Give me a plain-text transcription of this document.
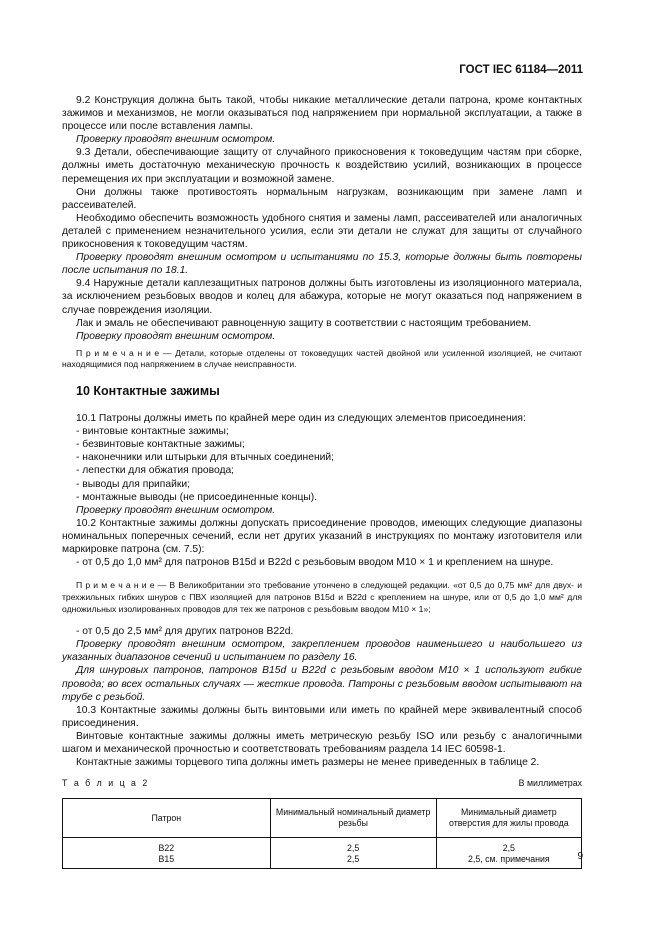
ГОСТ IEC 61184—2011

9.2 Конструкция должна быть такой, чтобы никакие металлические детали патрона, кроме контактных зажимов и механизмов, не могли оказываться под напряжением при нормальной эксплуатации, а также в процессе или после вставления лампы.

Проверку проводят внешним осмотром.

9.3 Детали, обеспечивающие защиту от случайного прикосновения к токоведущим частям при сборке, должны иметь достаточную механическую прочность к воздействию усилий, возникающих в процессе перемещения их при эксплуатации и возможной замене.

Они должны также противостоять нормальным нагрузкам, возникающим при замене ламп и рассеивателей.

Необходимо обеспечить возможность удобного снятия и замены ламп, рассеивателей или аналогичных деталей с применением незначительного усилия, если эти детали не служат для защиты от случайного прикосновения к токоведущим частям.

Проверку проводят внешним осмотром и испытаниями по 15.3, которые должны быть повторены после испытания по 18.1.

9.4 Наружные детали каплезащитных патронов должны быть изготовлены из изоляционного материала, за исключением резьбовых вводов и колец для абажура, которые не могут оказаться под напряжением в случае повреждения изоляции.

Лак и эмаль не обеспечивают равноценную защиту в соответствии с настоящим требованием.

Проверку проводят внешним осмотром.

П р и м е ч а н и е — Детали, которые отделены от токоведущих частей двойной или усиленной изоляцией, не считают находящимися под напряжением в случае неисправности.

10 Контактные зажимы

10.1 Патроны должны иметь по крайней мере один из следующих элементов присоединения:

- винтовые контактные зажимы;

- безвинтовые контактные зажимы;

- наконечники или штырьки для втычных соединений;

- лепестки для обжатия провода;

- выводы для припайки;

- монтажные выводы (не присоединенные концы).

Проверку проводят внешним осмотром.

10.2 Контактные зажимы должны допускать присоединение проводов, имеющих следующие диапазоны номинальных поперечных сечений, если нет других указаний в инструкциях по монтажу изготовителя или маркировке патрона (см. 7.5):

- от 0,5 до 1,0 мм² для патронов B15d и B22d с резьбовым вводом M10 × 1 и креплением на шнуре.

П р и м е ч а н и е — В Великобритании это требование утончено в следующей редакции. «от 0,5 до 0,75 мм² для двух- и трехжильных гибких шнуров с ПВХ изоляцией для патронов B15d и B22d с креплением на шнуре, или от 0,5 до 1,0 мм² для одножильных изолированных проводов для тех же патронов с резьбовым вводом M10 × 1»;

- от 0,5 до 2,5 мм² для других патронов B22d.

Проверку проводят внешним осмотром, закреплением проводов наименьшего и наибольшего из указанных диапазонов сечений и испытанием по разделу 16.

Для шнуровых патронов, патронов B15d и B22d с резьбовым вводом M10 × 1 используют гибкие провода; во всех остальных случаях — жесткие провода. Патроны с резьбовым вводом испытывают на трубе с резьбой.

10.3 Контактные зажимы должны быть винтовыми или иметь по крайней мере эквивалентный способ присоединения.

Винтовые контактные зажимы должны иметь метрическую резьбу ISO или резьбу с аналогичными шагом и механической прочностью и соответствовать требованиям раздела 14 IEC 60598-1.

Контактные зажимы торцевого типа должны иметь размеры не менее приведенных в таблице 2.

Т а б л и ц а 2	В миллиметрах
Патрон	Минимальный номинальный диаметр резьбы	Минимальный диаметр отверстия для жилы провода
B22	2,5	2,5
B15	2,5	2,5, см. примечания	9
